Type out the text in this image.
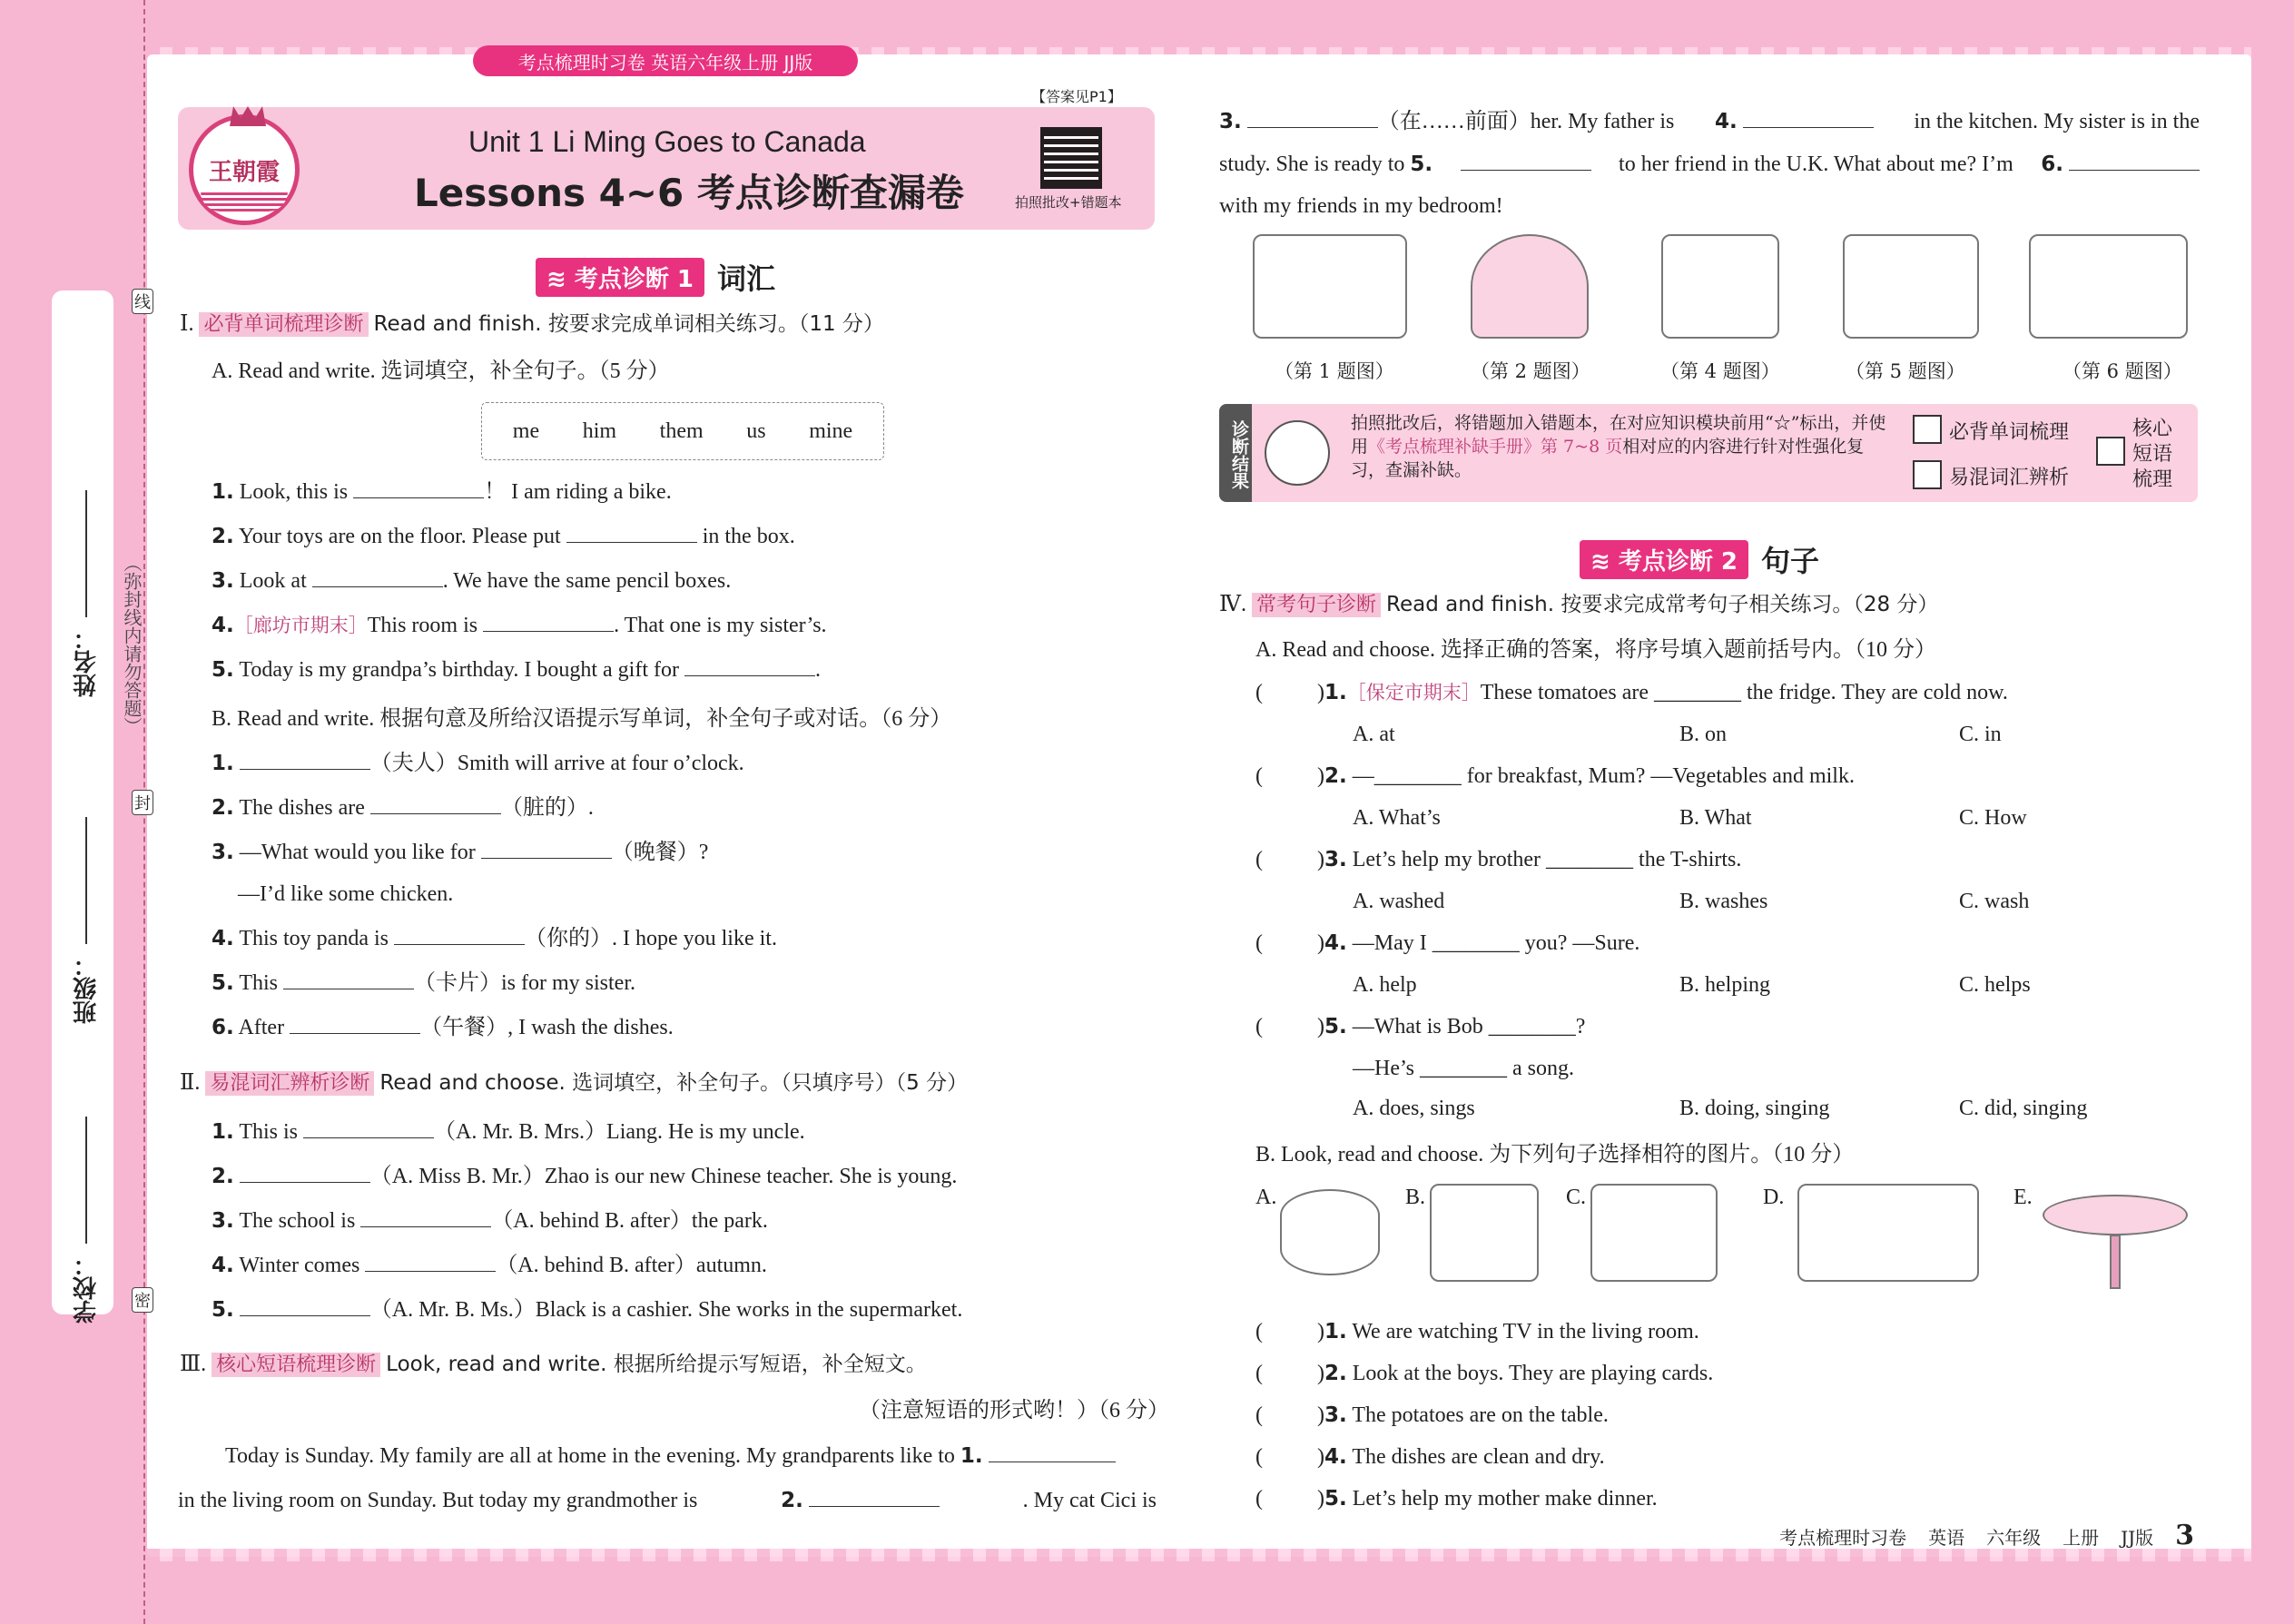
姓名：
班级：
学校：
（弥封线内请勿答题）
线
封
密
考点梳理时习卷 英语六年级上册 JJ版
王朝霞
Unit 1 Li Ming Goes to Canada
Lessons 4~6 考点诊断查漏卷
【答案见P1】
拍照批改+错题本
≋ 考点诊断 1 词汇
Ⅰ. 必背单词梳理诊断 Read and finish. 按要求完成单词相关练习。（11 分）
A. Read and write. 选词填空，补全句子。（5 分）
me him them us mine
1. Look, this is	！ I am riding a bike.
2. Your toys are on the floor. Please put	in the box.
3. Look at	. We have the same pencil boxes.
4.［廊坊市期末］This room is	. That one is my sister’s.
5. Today is my grandpa’s birthday. I bought a gift for	.
B. Read and write. 根据句意及所给汉语提示写单词，补全句子或对话。（6 分）
1.	（夫人）Smith will arrive at four o’clock.
2. The dishes are	（脏的）.
3. —What would you like for	（晚餐）?
—I’d like some chicken.
4. This toy panda is	（你的）. I hope you like it.
5. This	（卡片）is for my sister.
6. After	（午餐）, I wash the dishes.
Ⅱ. 易混词汇辨析诊断 Read and choose. 选词填空，补全句子。（只填序号）（5 分）
1. This is	（A. Mr. B. Mrs.）Liang. He is my uncle.
2.	（A. Miss B. Mr.）Zhao is our new Chinese teacher. She is young.
3. The school is	（A. behind B. after）the park.
4. Winter comes	（A. behind B. after）autumn.
5.	（A. Mr. B. Ms.）Black is a cashier. She works in the supermarket.
Ⅲ. 核心短语梳理诊断 Look, read and write. 根据所给提示写短语，补全短文。
（注意短语的形式哟！）（6 分）
Today is Sunday. My family are all at home in the evening. My grandparents like to 1.
in the living room on Sunday. But today my grandmother is	2.	. My cat Cici is
3.	（在……前面）her. My father is 4.	in the kitchen. My sister is in the
study. She is ready to 5.	to her friend in the U.K. What about me? I’m 6.
with my friends in my bedroom!
（第 1 题图）	（第 2 题图）	（第 4 题图）	（第 5 题图）	（第 6 题图）
诊断结果	拍照批改后，将错题加入错题本，在对应知识模块前用“☆”标出，并使用《考点梳理补缺手册》第 7~8 页相对应的内容进行针对性强化复习，查漏补缺。
必背单词梳理
易混词汇辨析
核心
短语
梳理
≋ 考点诊断 2 句子
Ⅳ. 常考句子诊断 Read and finish. 按要求完成常考句子相关练习。（28 分）
A. Read and choose. 选择正确的答案，将序号填入题前括号内。（10 分）
(	)1.［保定市期末］These tomatoes are ________ the fridge. They are cold now.
A. at	B. on	C. in
(	)2. —________ for breakfast, Mum? —Vegetables and milk.
A. What’s	B. What	C. How
(	)3. Let’s help my brother ________ the T-shirts.
A. washed	B. washes	C. wash
(	)4. —May I ________ you? —Sure.
A. help	B. helping	C. helps
(	)5. —What is Bob ________?
—He’s ________ a song.
A. does, sings	B. doing, singing	C. did, singing
B. Look, read and choose. 为下列句子选择相符的图片。（10 分）
A.	B.	C.	D.	E.
(	)1. We are watching TV in the living room.
(	)2. Look at the boys. They are playing cards.
(	)3. The potatoes are on the table.
(	)4. The dishes are clean and dry.
(	)5. Let’s help my mother make dinner.
考点梳理时习卷 英语 六年级 上册 JJ版 3
